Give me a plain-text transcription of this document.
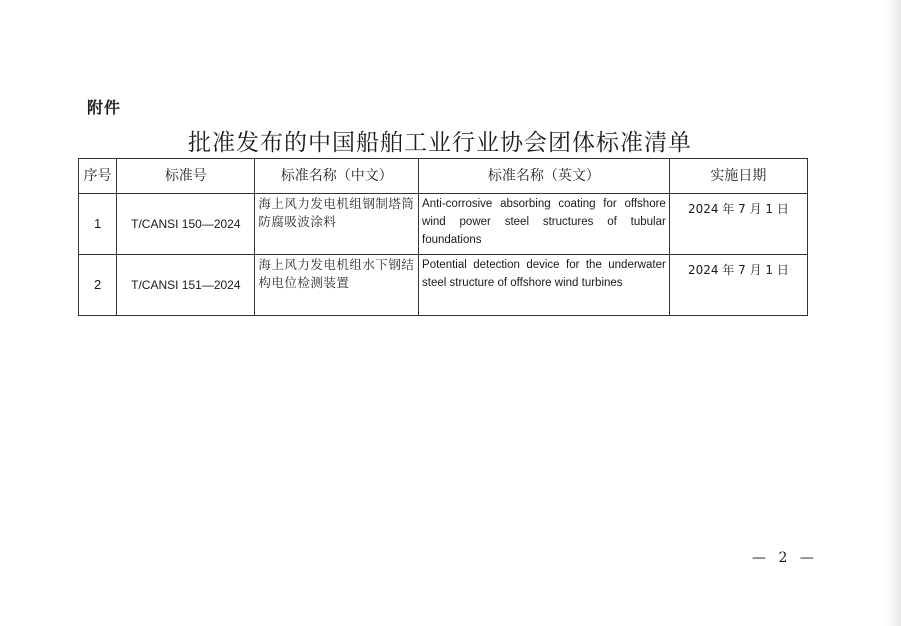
附件
批准发布的中国船舶工业行业协会团体标准清单
序号	标准号	标准名称（中文）	标准名称（英文）	实施日期
1	T/CANSI 150—2024	海上风力发电机组钢制塔筒防腐吸波涂料	Anti-corrosive absorbing coating for offshore wind power steel structures of tubular foundations	2024 年 7 月 1 日
2	T/CANSI 151—2024	海上风力发电机组水下钢结构电位检测装置	Potential detection device for the underwater steel structure of offshore wind turbines	2024 年 7 月 1 日
— 2 —
